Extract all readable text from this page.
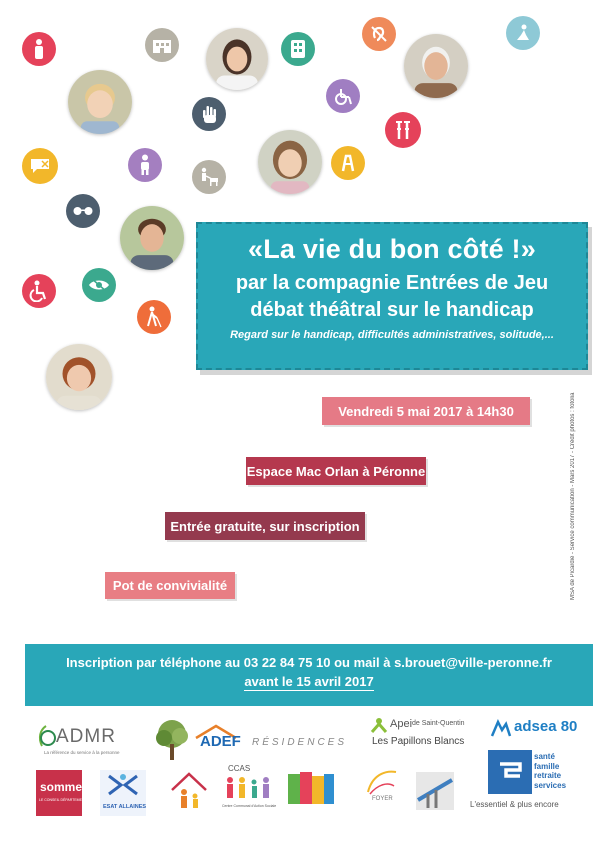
«La vie du bon côté !»
par la compagnie Entrées de Jeu
débat théâtral sur le handicap
Regard sur le handicap, difficultés administratives, solitude,...
Vendredi 5 mai 2017 à 14h30
Espace Mac Orlan à Péronne
Entrée gratuite, sur inscription
Pot de convivialité	MSA de Picardie - Service communication - Mars 2017 - Crédit photos : fotolia
Inscription par téléphone au 03 22 84 75 10 ou mail à s.brouet@ville-peronne.fr
avant le 15 avril 2017
ADMR
La référence du service à la personne
ADEF RÉSIDENCES
Apei de Saint-Quentin
Les Papillons Blancs
adsea 80
somme
LE CONSEIL DÉPARTEMENTAL
ESAT ALLAINES
CCAS
Centre Communal d'Action Sociale
FOYER
santé
famille
retraite
services
L'essentiel & plus encore
